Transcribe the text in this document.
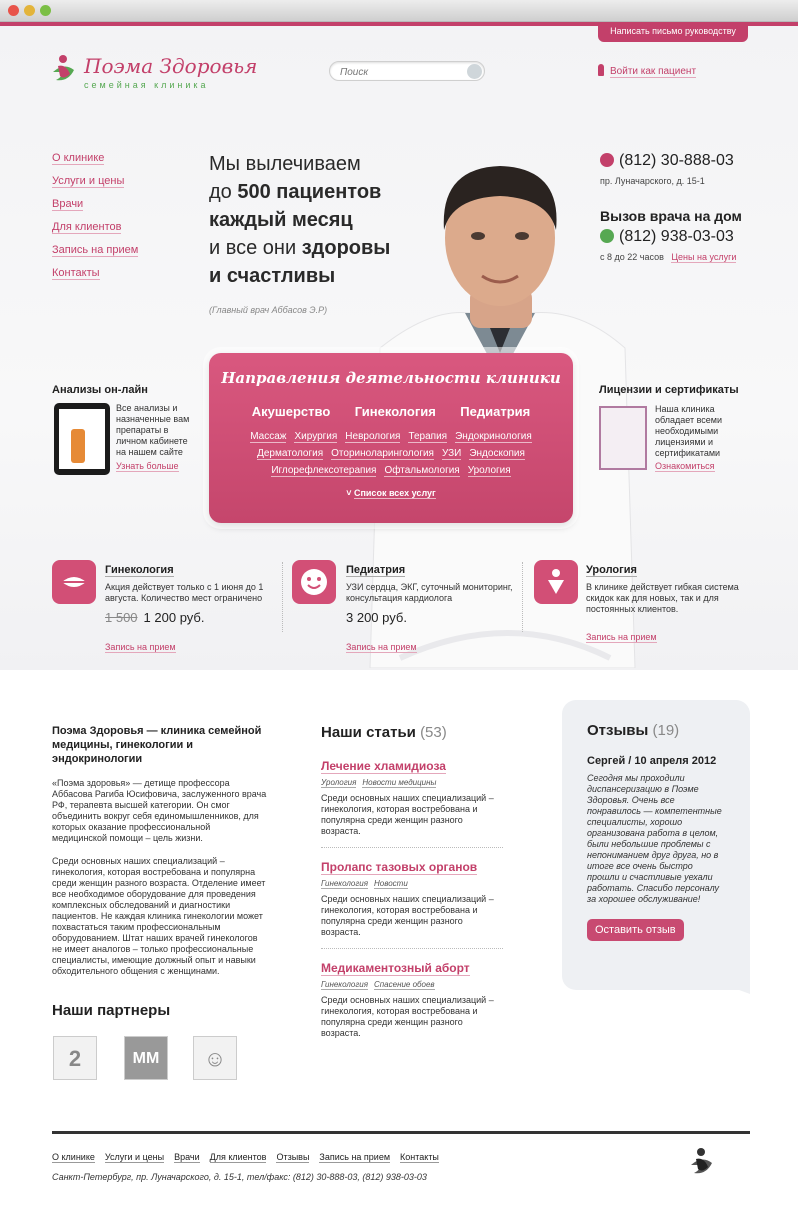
Написать письмо руководству
Поэма Здоровья
семейная клиника
Поиск
Войти как пациент
О клинике
Услуги и цены
Врачи
Для клиентов
Запись на прием
Контакты
Мы вылечиваем
до 500 пациентов
каждый месяц
и все они здоровы
и счастливы
(Главный врач Аббасов Э.Р)
(812) 30-888-03
пр. Луначарского, д. 15-1
Вызов врача на дом
(812) 938-03-03
с 8 до 22 часов Цены на услуги
Направления деятельности клиники
Акушерство Гинекология Педиатрия
Массаж Хирургия Неврология Терапия Эндокринология
Дерматология Оториноларингология УЗИ Эндоскопия
Иглорефлексотерапия Офтальмология Урология
˅ Список всех услуг
Анализы он-лайн
Все анализы и назначенные вам препараты в личном кабинете на нашем сайте
Узнать больше
Лицензии и сертификаты
Наша клиника обладает всеми необходимыми лицензиями и сертификатами
Ознакомиться
Гинекология
Акция действует только с 1 июня до 1 августа. Количество мест ограничено
1 500 1 200 руб.
Запись на прием
Педиатрия
УЗИ сердца, ЭКГ, суточный мониторинг, консультация кардиолога
3 200 руб.
Запись на прием
Урология
В клинике действует гибкая система скидок как для новых, так и для постоянных клиентов.
Запись на прием
Поэма Здоровья — клиника семейной медицины, гинекологии и эндокринологии
«Поэма здоровья» — детище профессора Аббасова Рагиба Юсифовича, заслуженного врача РФ, терапевта высшей категории. Он смог объединить вокруг себя единомышленников, для которых оказание профессиональной медицинской помощи – цель жизни.
Среди основных наших специализаций – гинекология, которая востребована и популярна среди женщин разного возраста. Отделение имеет все необходимое оборудование для проведения комплексных обследований и диагностики пациентов. Не каждая клиника гинекологии может похвастаться таким профессиональным оборудованием. Штат наших врачей гинекологов не имеет аналогов – только профессиональные специалисты, имеющие должный опыт и навыки обходительного общения с женщинами.
Наши статьи (53)
Лечение хламидиоза
Урология Новости медицины
Среди основных наших специализаций – гинекология, которая востребована и популярна среди женщин разного возраста.
Пролапс тазовых органов
Гинекология Новости
Среди основных наших специализаций – гинекология, которая востребована и популярна среди женщин разного возраста.
Медикаментозный аборт
Гинекология Спасение обоев
Среди основных наших специализаций – гинекология, которая востребована и популярна среди женщин разного возраста.
Отзывы (19)
Сергей / 10 апреля 2012
Сегодня мы проходили диспансеризацию в Поэме Здоровья. Очень все понравилось — компетентные специалисты, хорошо организована работа в целом, были небольшие проблемы с непониманием друг друга, но в итоге все очень быстро прошли и счастливые уехали работать. Спасибо персоналу за хорошее обслуживание!
Оставить отзыв
Наши партнеры
2	MM	☺
О клинике Услуги и цены Врачи Для клиентов Отзывы Запись на прием Контакты
Санкт-Петербург, пр. Луначарского, д. 15-1, тел/факс: (812) 30-888-03, (812) 938-03-03
